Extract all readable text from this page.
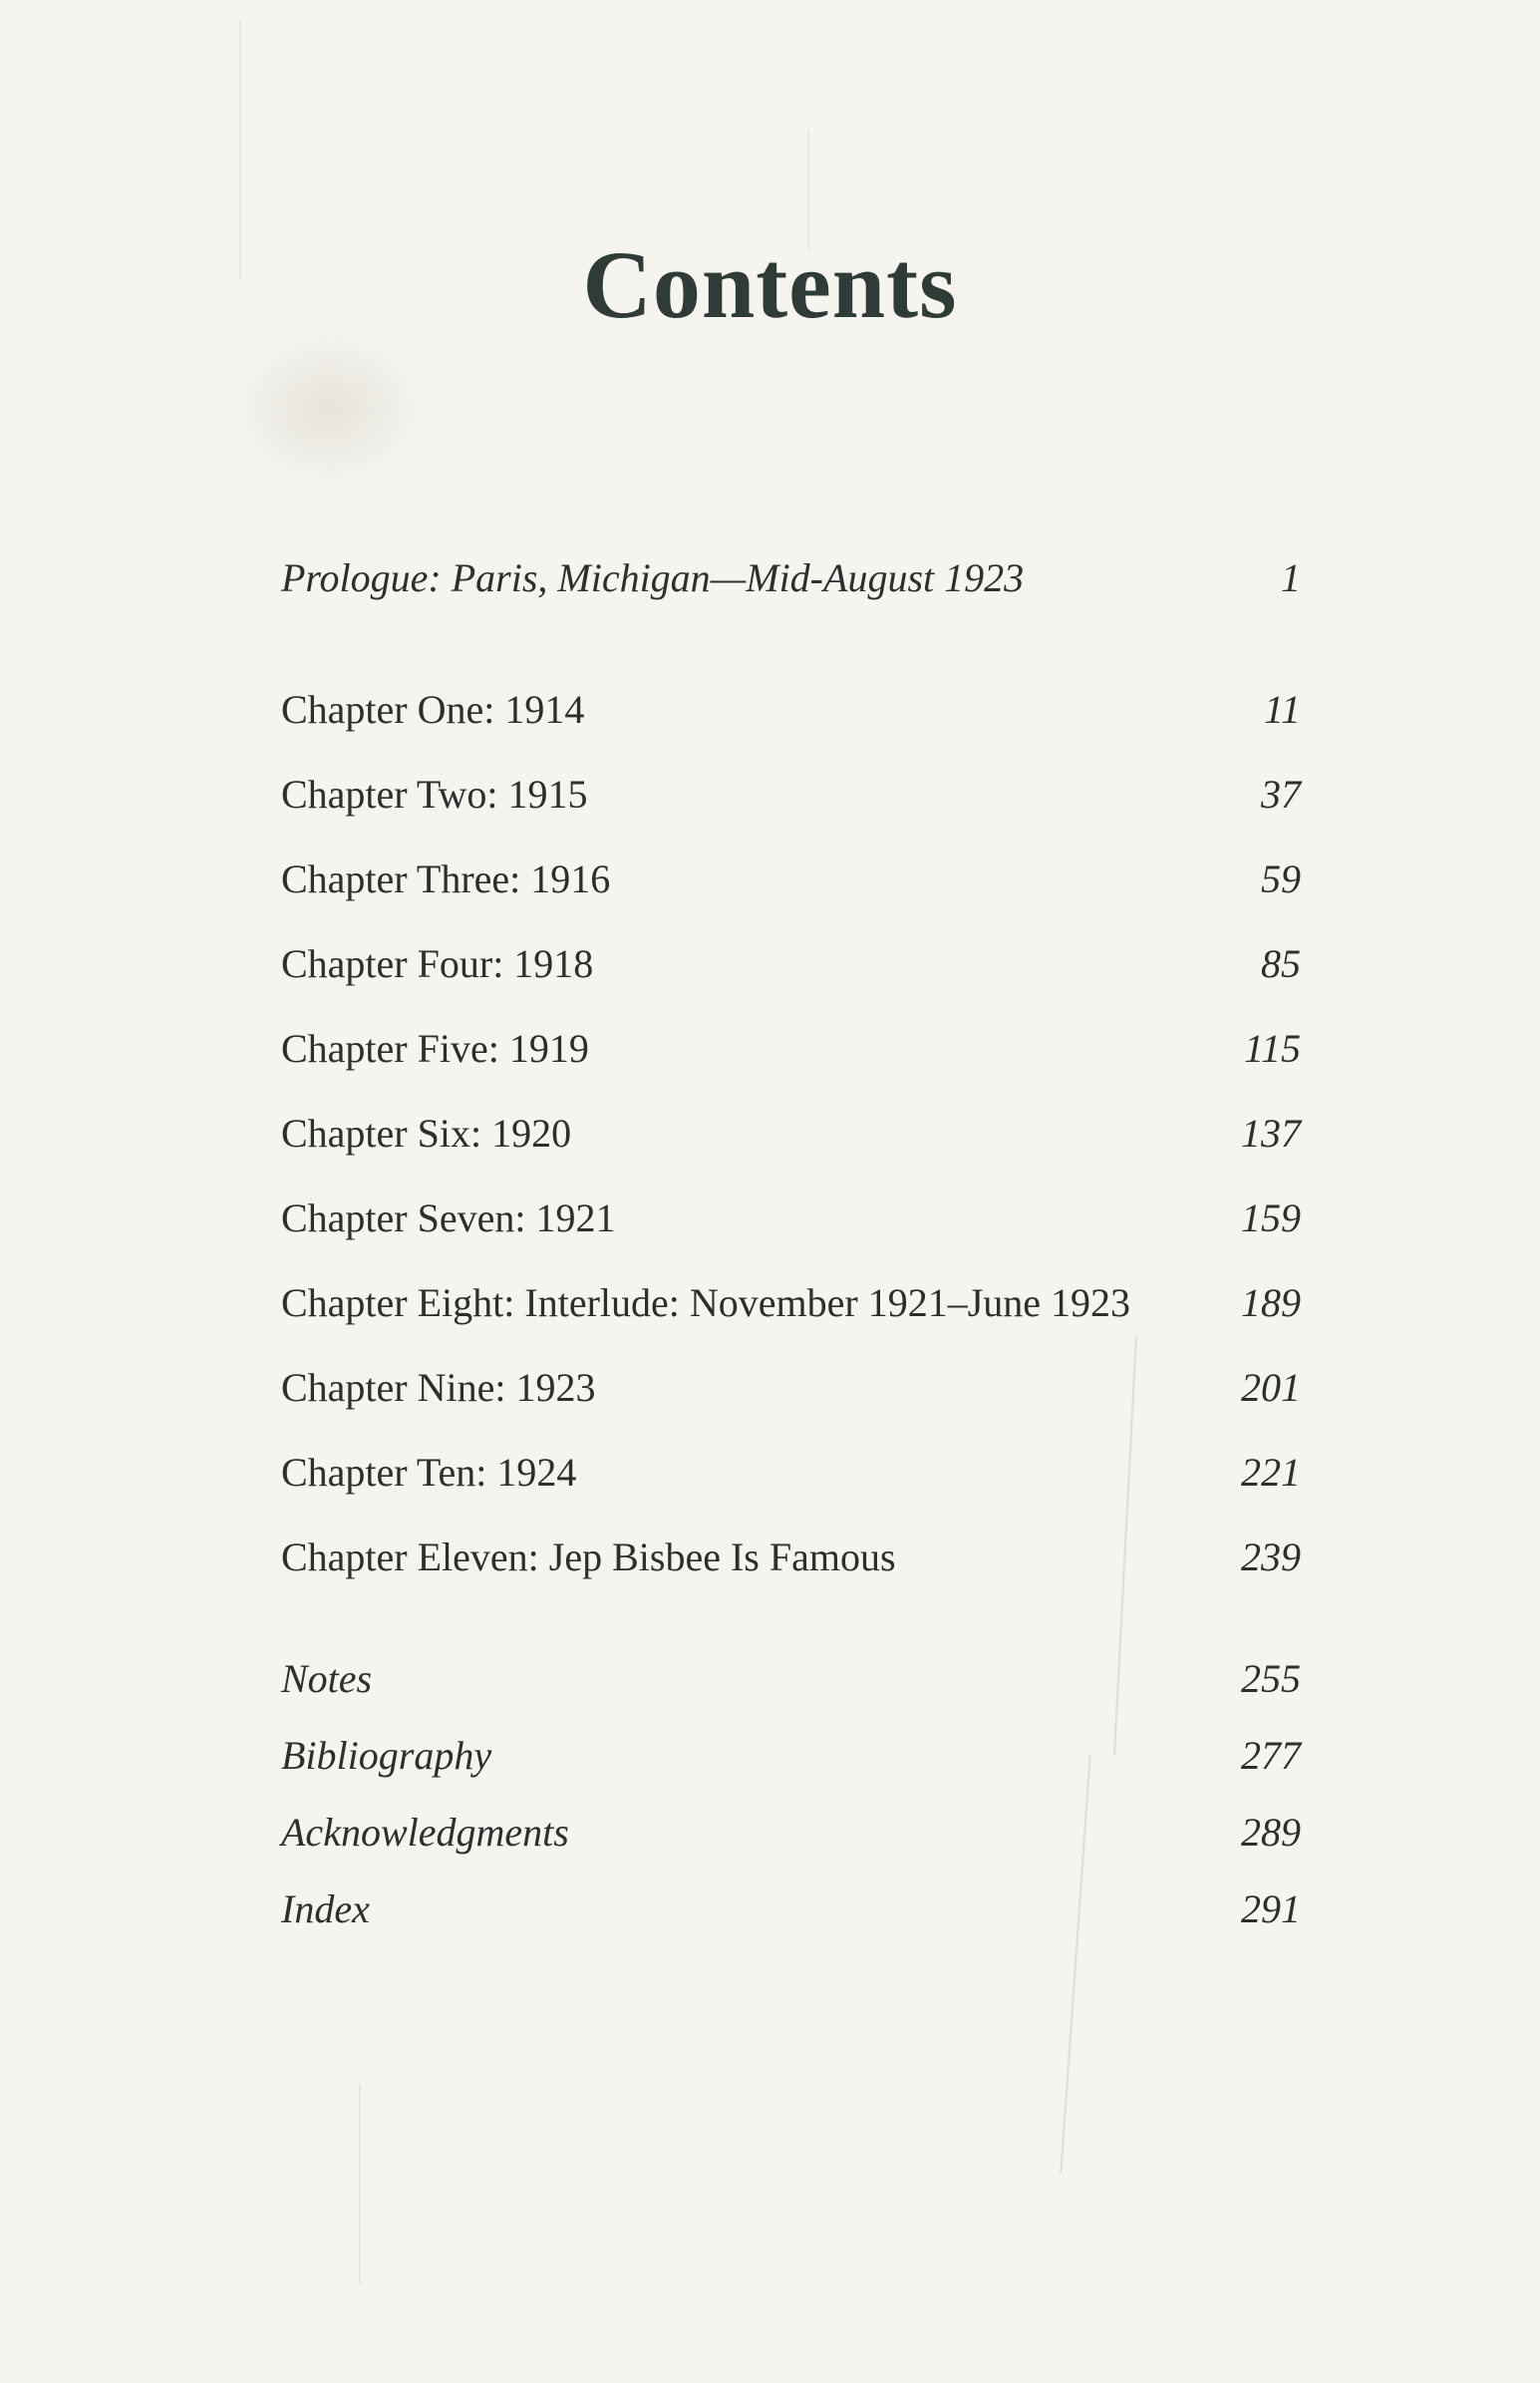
Contents
Prologue: Paris, Michigan—Mid-August 1923	1
Chapter One: 1914	11
Chapter Two: 1915	37
Chapter Three: 1916	59
Chapter Four: 1918	85
Chapter Five: 1919	115
Chapter Six: 1920	137
Chapter Seven: 1921	159
Chapter Eight: Interlude: November 1921–June 1923	189
Chapter Nine: 1923	201
Chapter Ten: 1924	221
Chapter Eleven: Jep Bisbee Is Famous	239
Notes	255
Bibliography	277
Acknowledgments	289
Index	291
